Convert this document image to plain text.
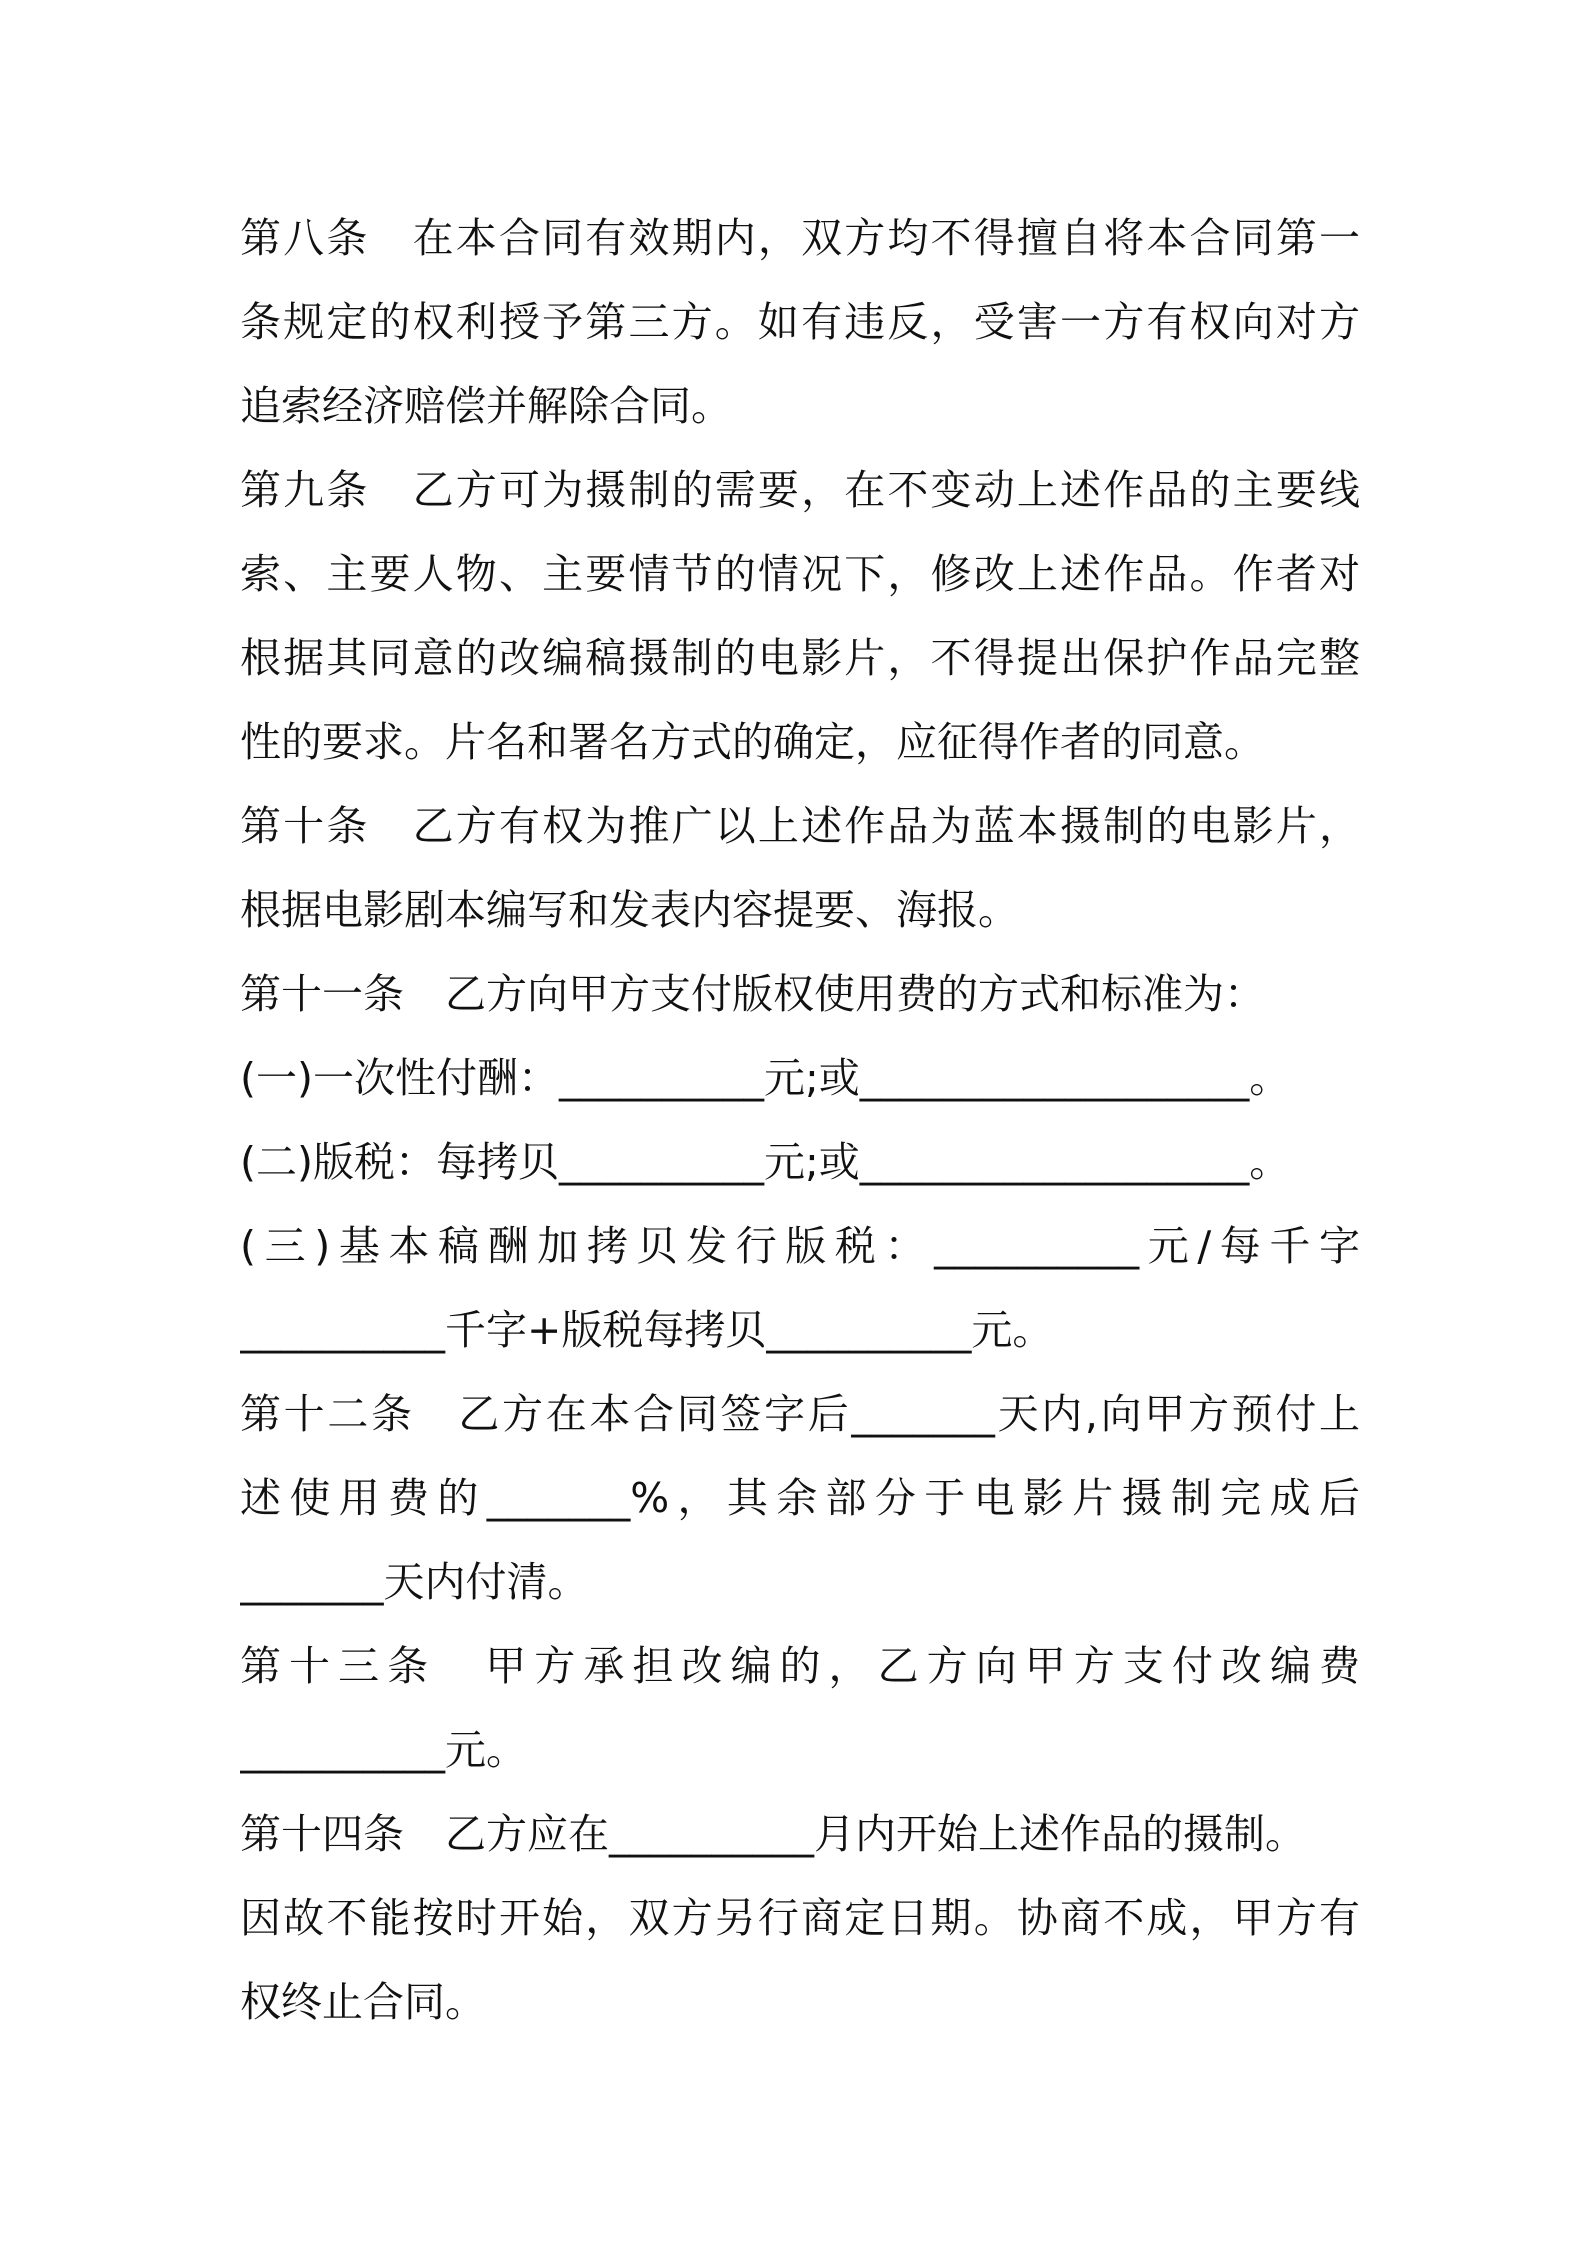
第八条　在本合同有效期内，双方均不得擅自将本合同第一
条规定的权利授予第三方。如有违反，受害一方有权向对方
追索经济赔偿并解除合同。
第九条　乙方可为摄制的需要，在不变动上述作品的主要线
索、主要人物、主要情节的情况下，修改上述作品。作者对
根据其同意的改编稿摄制的电影片，不得提出保护作品完整
性的要求。片名和署名方式的确定，应征得作者的同意。
第十条　乙方有权为推广以上述作品为蓝本摄制的电影片，
根据电影剧本编写和发表内容提要、海报。
第十一条　乙方向甲方支付版权使用费的方式和标准为：
(一)一次性付酬：__________元;或___________________。
(二)版税：每拷贝__________元;或___________________。
(三)基本稿酬加拷贝发行版税：__________元/每千字
__________千字+版税每拷贝__________元。
第十二条　乙方在本合同签字后_______天内,向甲方预付上
述使用费的_______%，其余部分于电影片摄制完成后
_______天内付清。
第十三条　甲方承担改编的，乙方向甲方支付改编费
__________元。
第十四条　乙方应在__________月内开始上述作品的摄制。
因故不能按时开始，双方另行商定日期。协商不成，甲方有
权终止合同。
